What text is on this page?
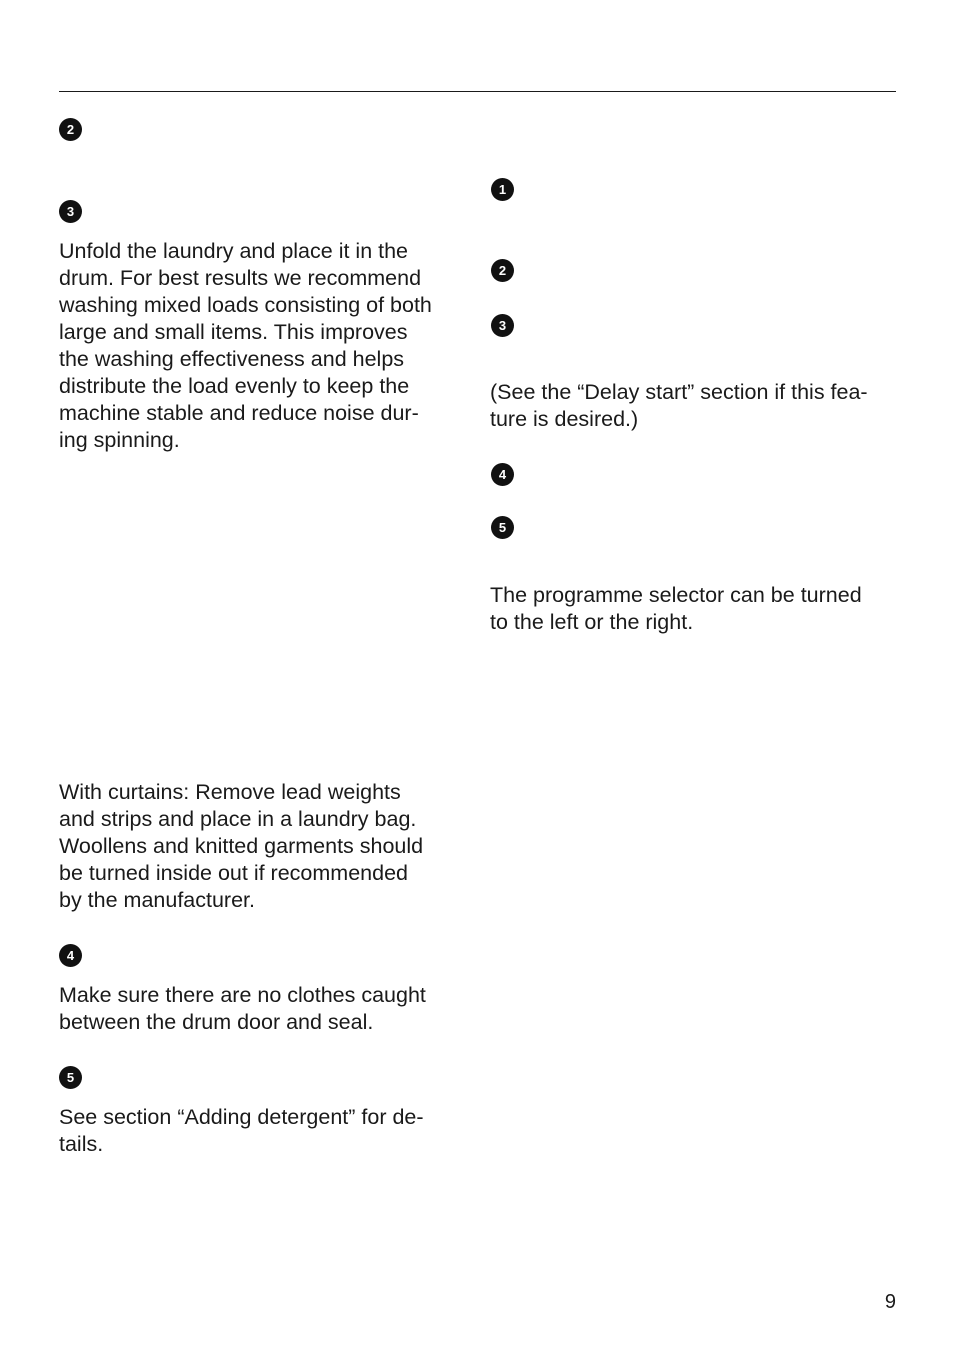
2
3

Unfold the laundry and place it in the
drum. For best results we recommend
washing mixed loads consisting of both
large and small items. This improves
the washing effectiveness and helps
distribute the load evenly to keep the
machine stable and reduce noise dur-
ing spinning.

With curtains: Remove lead weights
and strips and place in a laundry bag.
Woollens and knitted garments should
be turned inside out if recommended
by the manufacturer.

4

Make sure there are no clothes caught
between the drum door and seal.

5

See section “Adding detergent” for de-
tails.

1
2
3

(See the “Delay start” section if this fea-
ture is desired.)

4
5

The programme selector can be turned
to the left or the right.

9
